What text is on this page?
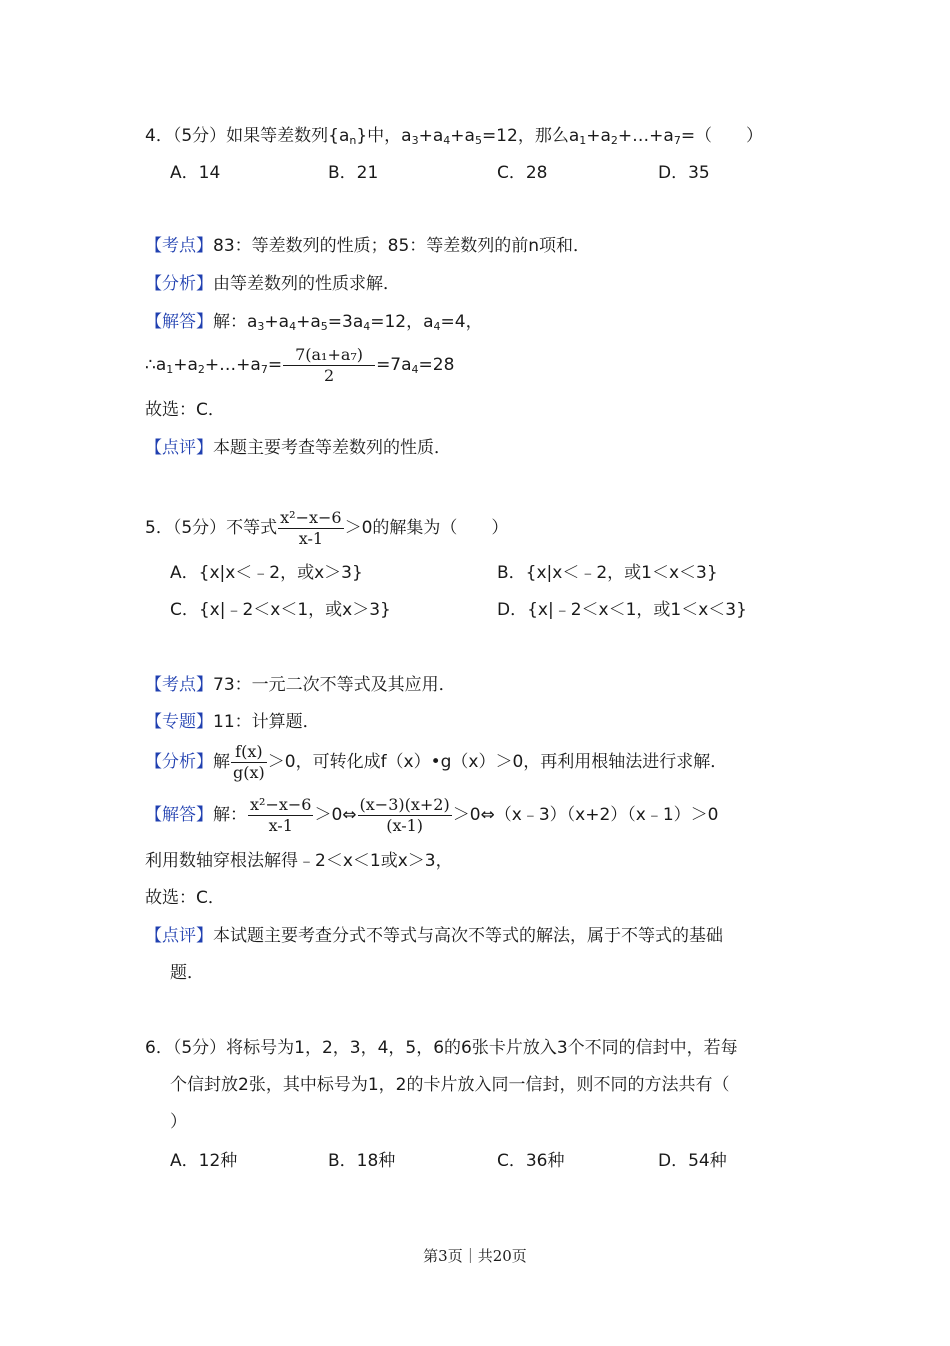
4．（5分）如果等差数列$\{a_n\}$中，$a_3+a_4+a_5=12$，那么$a_1+a_2+\dots+a_7=$（　　）
A．14	B．21	C．28	D．35
【考点】83：等差数列的性质；85：等差数列的前n项和．
【分析】由等差数列的性质求解．
【解答】解：$a_3+a_4+a_5=3a_4=12$，$a_4=4$，
$\therefore a_1+a_2+\dots+a_7= \frac{\text{7(a₁+a₇)}}{2} =7a_4=28$
故选：C．
【点评】本题主要考查等差数列的性质．
5．（5分）不等式 $\frac{\text{x²−x−6}}{x-1} >0$的解集为（　　）
A．{x|x＜﹣2，或x＞3}	B．{x|x＜﹣2，或1＜x＜3}
C．{x|﹣2＜x＜1，或x＞3}	D．{x|﹣2＜x＜1，或1＜x＜3}
【考点】73：一元二次不等式及其应用．
【专题】11：计算题．
【分析】解 $\frac{f(x)}{g(x)} >0$，可转化成f（x）•g（x）＞0，再利用根轴法进行求解．
【解答】解： $\frac{\text{x²−x−6}}{x-1}$ ＞0⇔ $\frac{(x-3)(x+2)}{(x-1)}$ ＞0⇔（x﹣3）（x+2）（x﹣1）＞0
利用数轴穿根法解得﹣2＜x＜1或x＞3，
故选：C．
【点评】本试题主要考查分式不等式与高次不等式的解法，属于不等式的基础
题．
6．（5分）将标号为1，2，3，4，5，6的6张卡片放入3个不同的信封中，若每
个信封放2张，其中标号为1，2的卡片放入同一信封，则不同的方法共有（
）
A．12种	B．18种	C．36种	D．54种
第3页｜共20页
